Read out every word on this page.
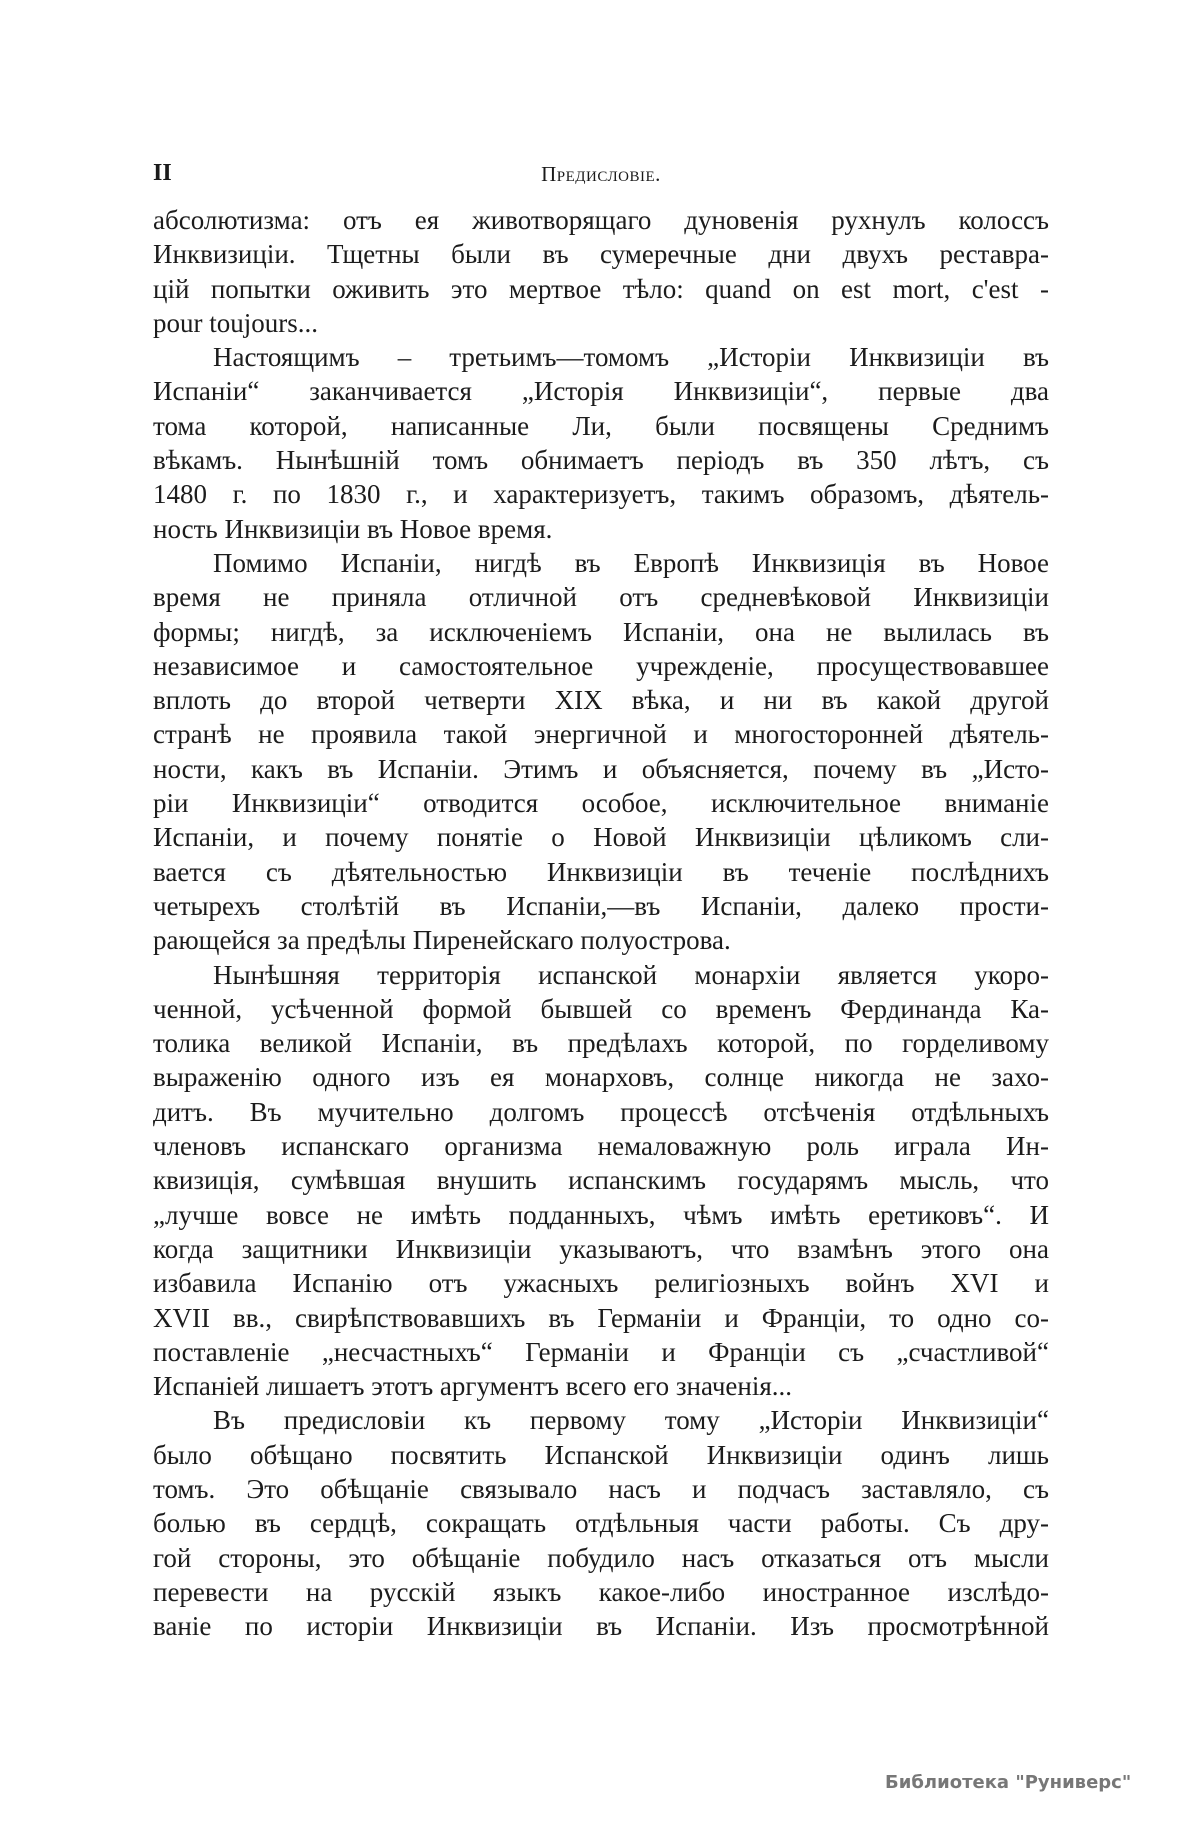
II	Предисловіе.
абсолютизма: отъ ея животворящаго дуновенія рухнулъ колоссъ
Инквизиціи. Тщетны были въ сумеречные дни двухъ реставра-
цій попытки оживить это мертвое тѣло: quand on est mort, c'est -
pour toujours...
Настоящимъ – третьимъ—томомъ „Исторіи Инквизиціи въ
Испаніи“ заканчивается „Исторія Инквизиціи“, первые два
тома которой, написанные Ли, были посвящены Среднимъ
вѣкамъ. Нынѣшній томъ обнимаетъ періодъ въ 350 лѣтъ, съ
1480 г. по 1830 г., и характеризуетъ, такимъ образомъ, дѣятель-
ность Инквизиціи въ Новое время.
Помимо Испаніи, нигдѣ въ Европѣ Инквизиція въ Новое
время не приняла отличной отъ средневѣковой Инквизиціи
формы; нигдѣ, за исключеніемъ Испаніи, она не вылилась въ
независимое и самостоятельное учрежденіе, просуществовавшее
вплоть до второй четверти XIX вѣка, и ни въ какой другой
странѣ не проявила такой энергичной и многосторонней дѣятель-
ности, какъ въ Испаніи. Этимъ и объясняется, почему въ „Исто-
ріи Инквизиціи“ отводится особое, исключительное вниманіе
Испаніи, и почему понятіе о Новой Инквизиціи цѣликомъ сли-
вается съ дѣятельностью Инквизиціи въ теченіе послѣднихъ
четырехъ столѣтій въ Испаніи,—въ Испаніи, далеко прости-
рающейся за предѣлы Пиренейскаго полуострова.
Нынѣшняя территорія испанской монархіи является укоро-
ченной, усѣченной формой бывшей со временъ Фердинанда Ка-
толика великой Испаніи, въ предѣлахъ которой, по горделивому
выраженію одного изъ ея монарховъ, солнце никогда не захо-
дитъ. Въ мучительно долгомъ процессѣ отсѣченія отдѣльныхъ
членовъ испанскаго организма немаловажную роль играла Ин-
квизиція, сумѣвшая внушить испанскимъ государямъ мысль, что
„лучше вовсе не имѣть подданныхъ, чѣмъ имѣть еретиковъ“. И
когда защитники Инквизиціи указываютъ, что взамѣнъ этого она
избавила Испанію отъ ужасныхъ религіозныхъ войнъ XVI и
XVII вв., свирѣпствовавшихъ въ Германіи и Франціи, то одно со-
поставленіе „несчастныхъ“ Германіи и Франціи съ „счастливой“
Испаніей лишаетъ этотъ аргументъ всего его значенія...
Въ предисловіи къ первому тому „Исторіи Инквизиціи“
было обѣщано посвятить Испанской Инквизиціи одинъ лишь
томъ. Это обѣщаніе связывало насъ и подчасъ заставляло, съ
болью въ сердцѣ, сокращать отдѣльныя части работы. Съ дру-
гой стороны, это обѣщаніе побудило насъ отказаться отъ мысли
перевести на русскій языкъ какое-либо иностранное изслѣдо-
ваніе по исторіи Инквизиціи въ Испаніи. Изъ просмотрѣнной
Библиотека "Руниверс"
